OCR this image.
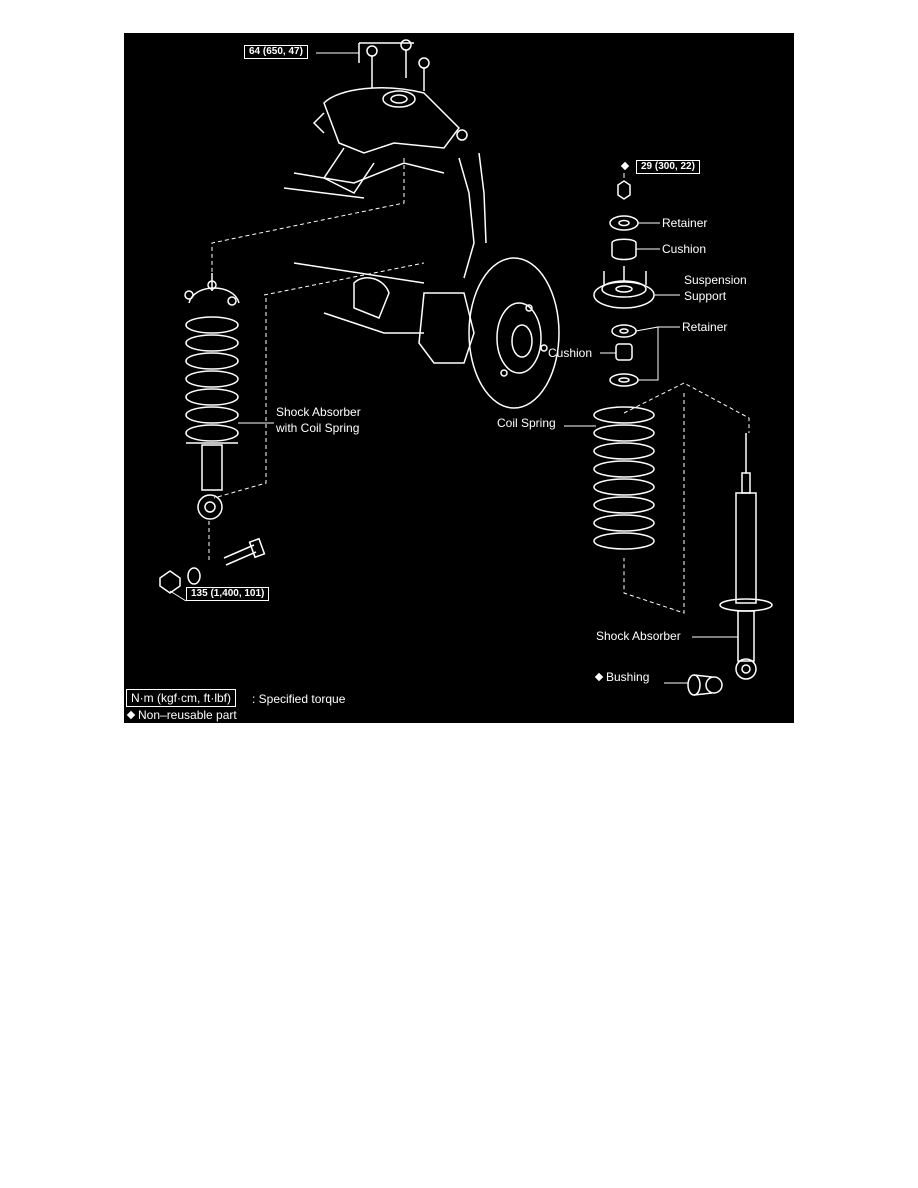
64 (650, 47)
29 (300, 22)
135 (1,400, 101)
Retainer
Cushion
Suspension
Support
Retainer
Cushion
Coil Spring
Shock Absorber
with Coil Spring
Shock Absorber
Bushing
N·m (kgf·cm, ft·lbf)	: Specified torque
Non–reusable part
